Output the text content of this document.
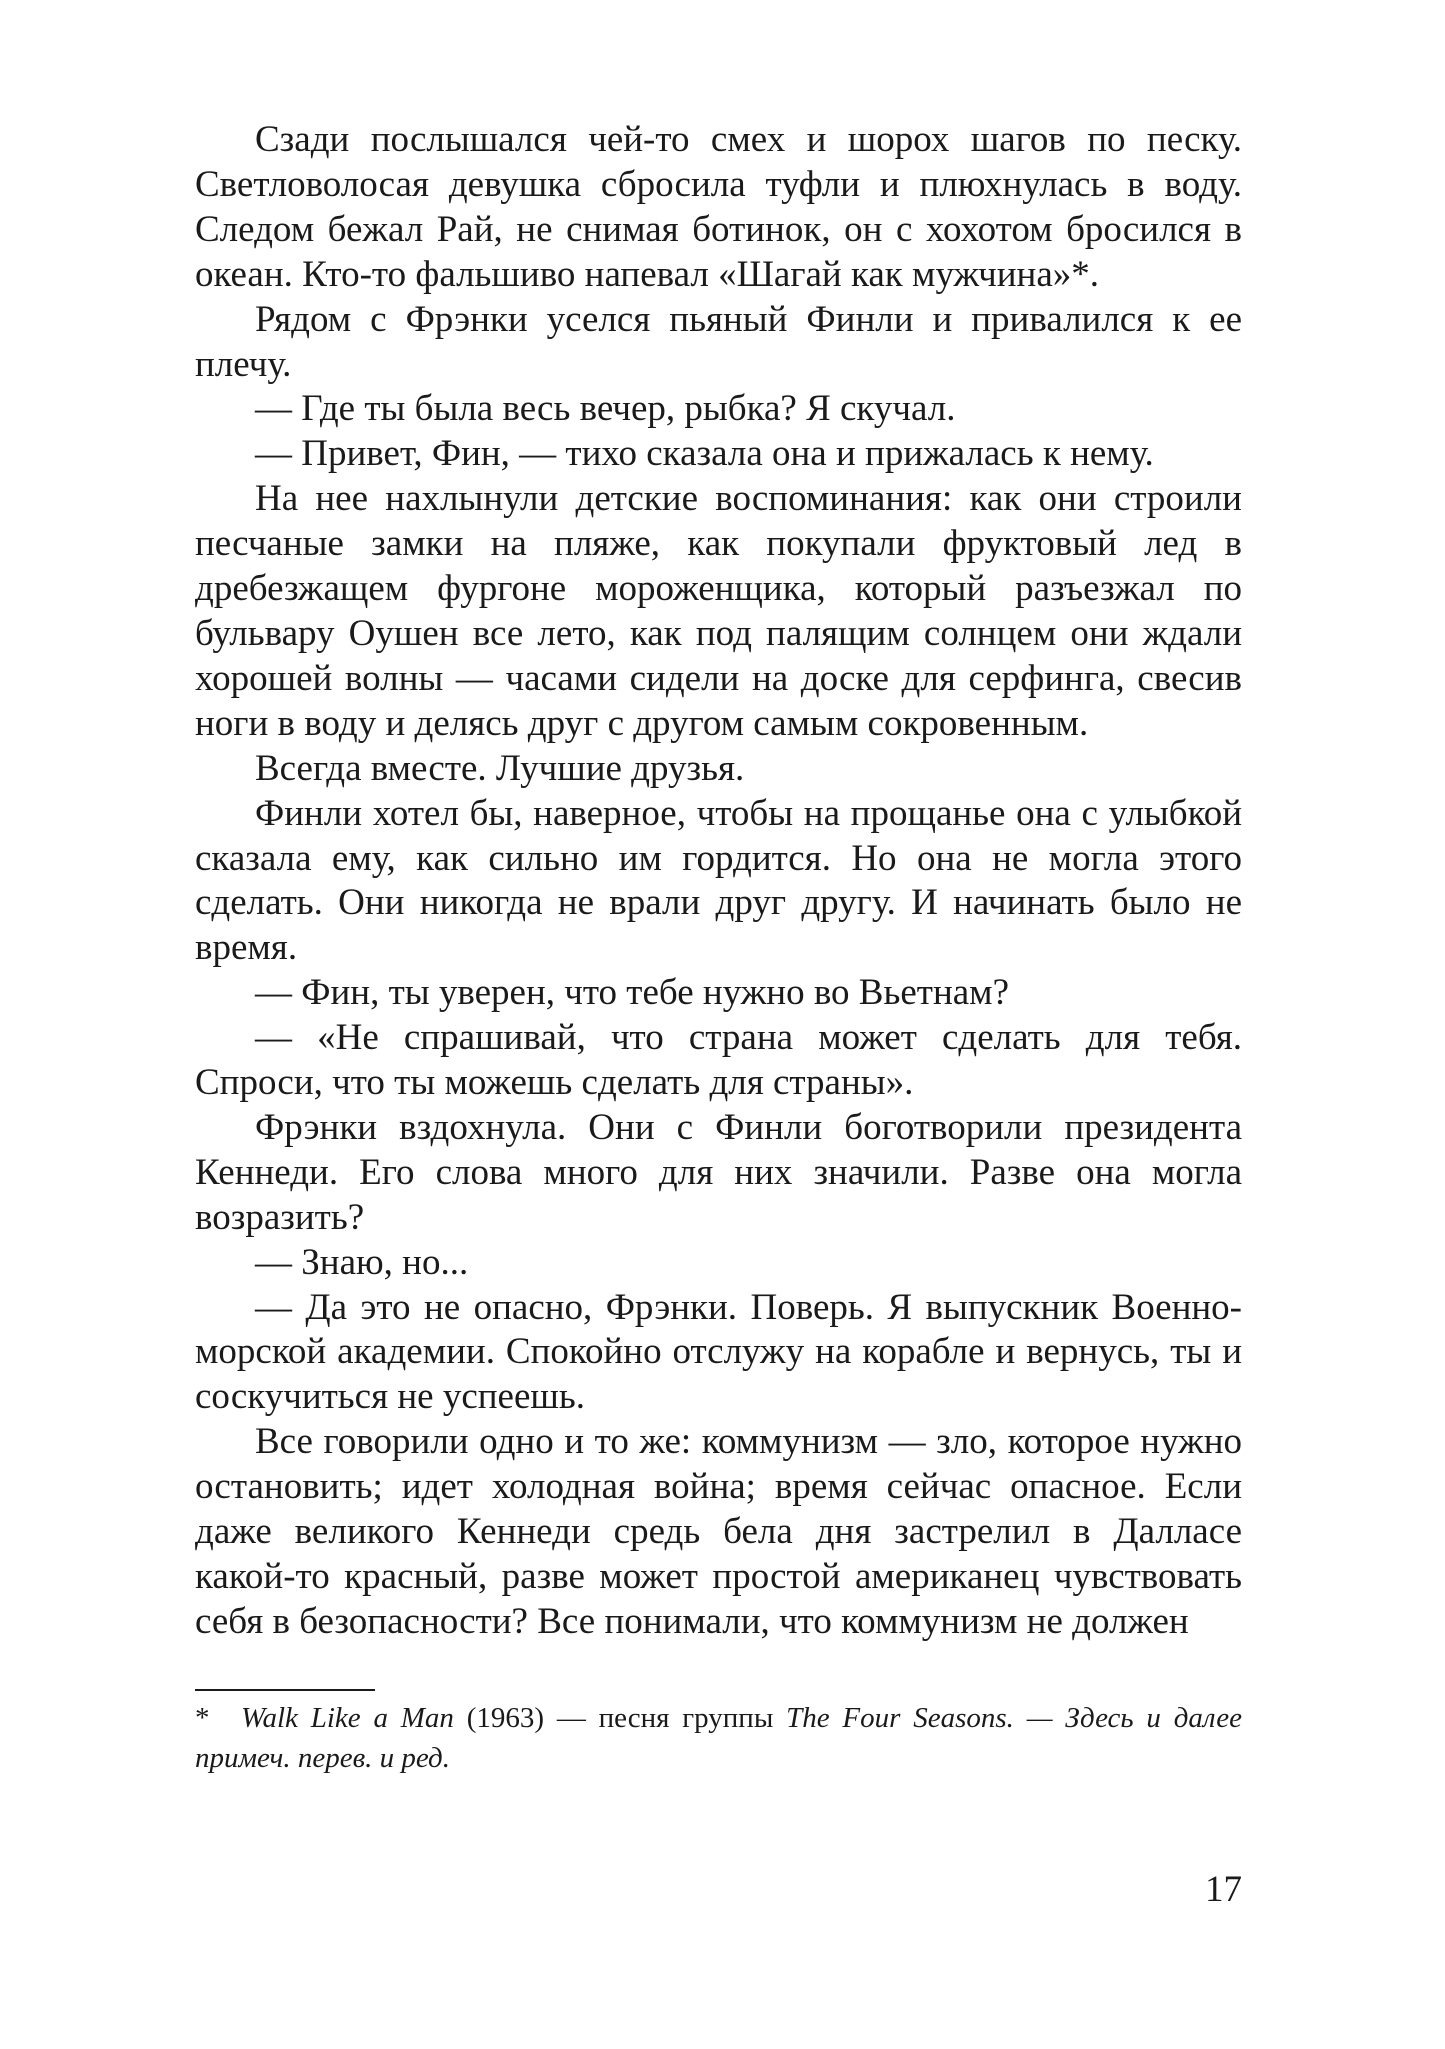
Сзади послышался чей-то смех и шорох шагов по песку. Светловолосая девушка сбросила туфли и плюхнулась в воду. Следом бежал Рай, не снимая ботинок, он с хохотом бросился в океан. Кто-то фальшиво напевал «Шагай как мужчина»*.

Рядом с Фрэнки уселся пьяный Финли и привалился к ее плечу.

— Где ты была весь вечер, рыбка? Я скучал.

— Привет, Фин, — тихо сказала она и прижалась к нему.

На нее нахлынули детские воспоминания: как они строили песчаные замки на пляже, как покупали фруктовый лед в дребезжащем фургоне мороженщика, который разъезжал по бульвару Оушен все лето, как под палящим солнцем они ждали хорошей волны — часами сидели на доске для серфинга, свесив ноги в воду и делясь друг с другом самым сокровенным.

Всегда вместе. Лучшие друзья.

Финли хотел бы, наверное, чтобы на прощанье она с улыбкой сказала ему, как сильно им гордится. Но она не могла этого сделать. Они никогда не врали друг другу. И начинать было не время.

— Фин, ты уверен, что тебе нужно во Вьетнам?

— «Не спрашивай, что страна может сделать для тебя. Спроси, что ты можешь сделать для страны».

Фрэнки вздохнула. Они с Финли боготворили президента Кеннеди. Его слова много для них значили. Разве она могла возразить?

— Знаю, но...

— Да это не опасно, Фрэнки. Поверь. Я выпускник Военно-морской академии. Спокойно отслужу на корабле и вернусь, ты и соскучиться не успеешь.

Все говорили одно и то же: коммунизм — зло, которое нужно остановить; идет холодная война; время сейчас опасное. Если даже великого Кеннеди средь бела дня застрелил в Далласе какой-то красный, разве может простой американец чувствовать себя в безопасности? Все понимали, что коммунизм не должен

* Walk Like a Man (1963) — песня группы The Four Seasons. — Здесь и далее примеч. перев. и ред.
17
